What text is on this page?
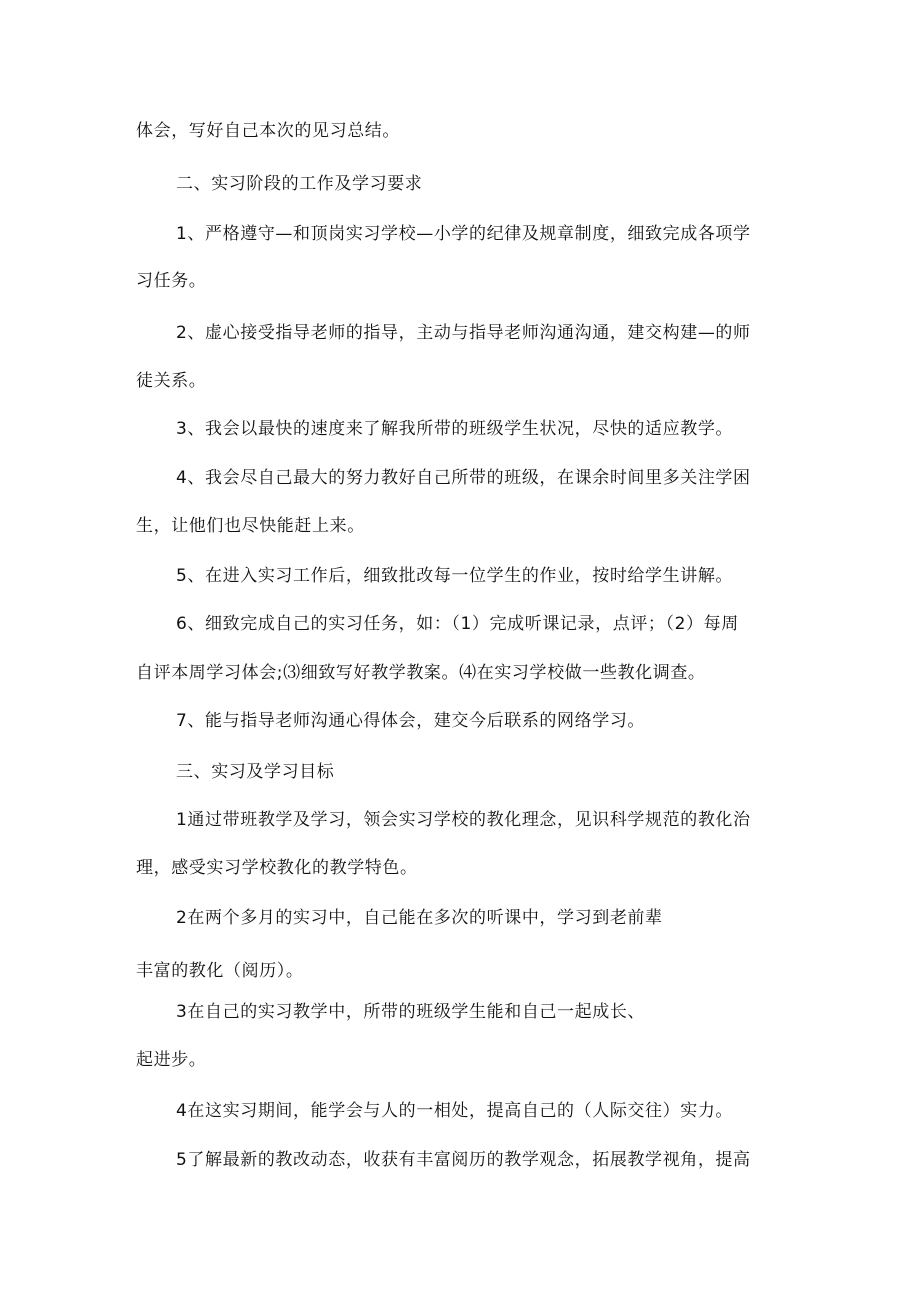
体会，写好自己本次的见习总结。
二、实习阶段的工作及学习要求
1、严格遵守—和顶岗实习学校—小学的纪律及规章制度，细致完成各项学
习任务。
2、虚心接受指导老师的指导，主动与指导老师沟通沟通，建交构建—的师
徒关系。
3、我会以最快的速度来了解我所带的班级学生状况，尽快的适应教学。
4、我会尽自己最大的努力教好自己所带的班级，在课余时间里多关注学困
生，让他们也尽快能赶上来。
5、在进入实习工作后，细致批改每一位学生的作业，按时给学生讲解。
6、细致完成自己的实习任务，如：（1）完成听课记录，点评；（2）每周
自评本周学习体会;⑶细致写好教学教案。⑷在实习学校做一些教化调查。
7、能与指导老师沟通心得体会，建交今后联系的网络学习。
三、实习及学习目标
1通过带班教学及学习，领会实习学校的教化理念，见识科学规范的教化治
理，感受实习学校教化的教学特色。
2在两个多月的实习中，自己能在多次的听课中，学习到老前辈
丰富的教化（阅历）。
3在自己的实习教学中，所带的班级学生能和自己一起成长、
起进步。
4在这实习期间，能学会与人的一相处，提高自己的（人际交往）实力。
5了解最新的教改动态，收获有丰富阅历的教学观念，拓展教学视角，提高
